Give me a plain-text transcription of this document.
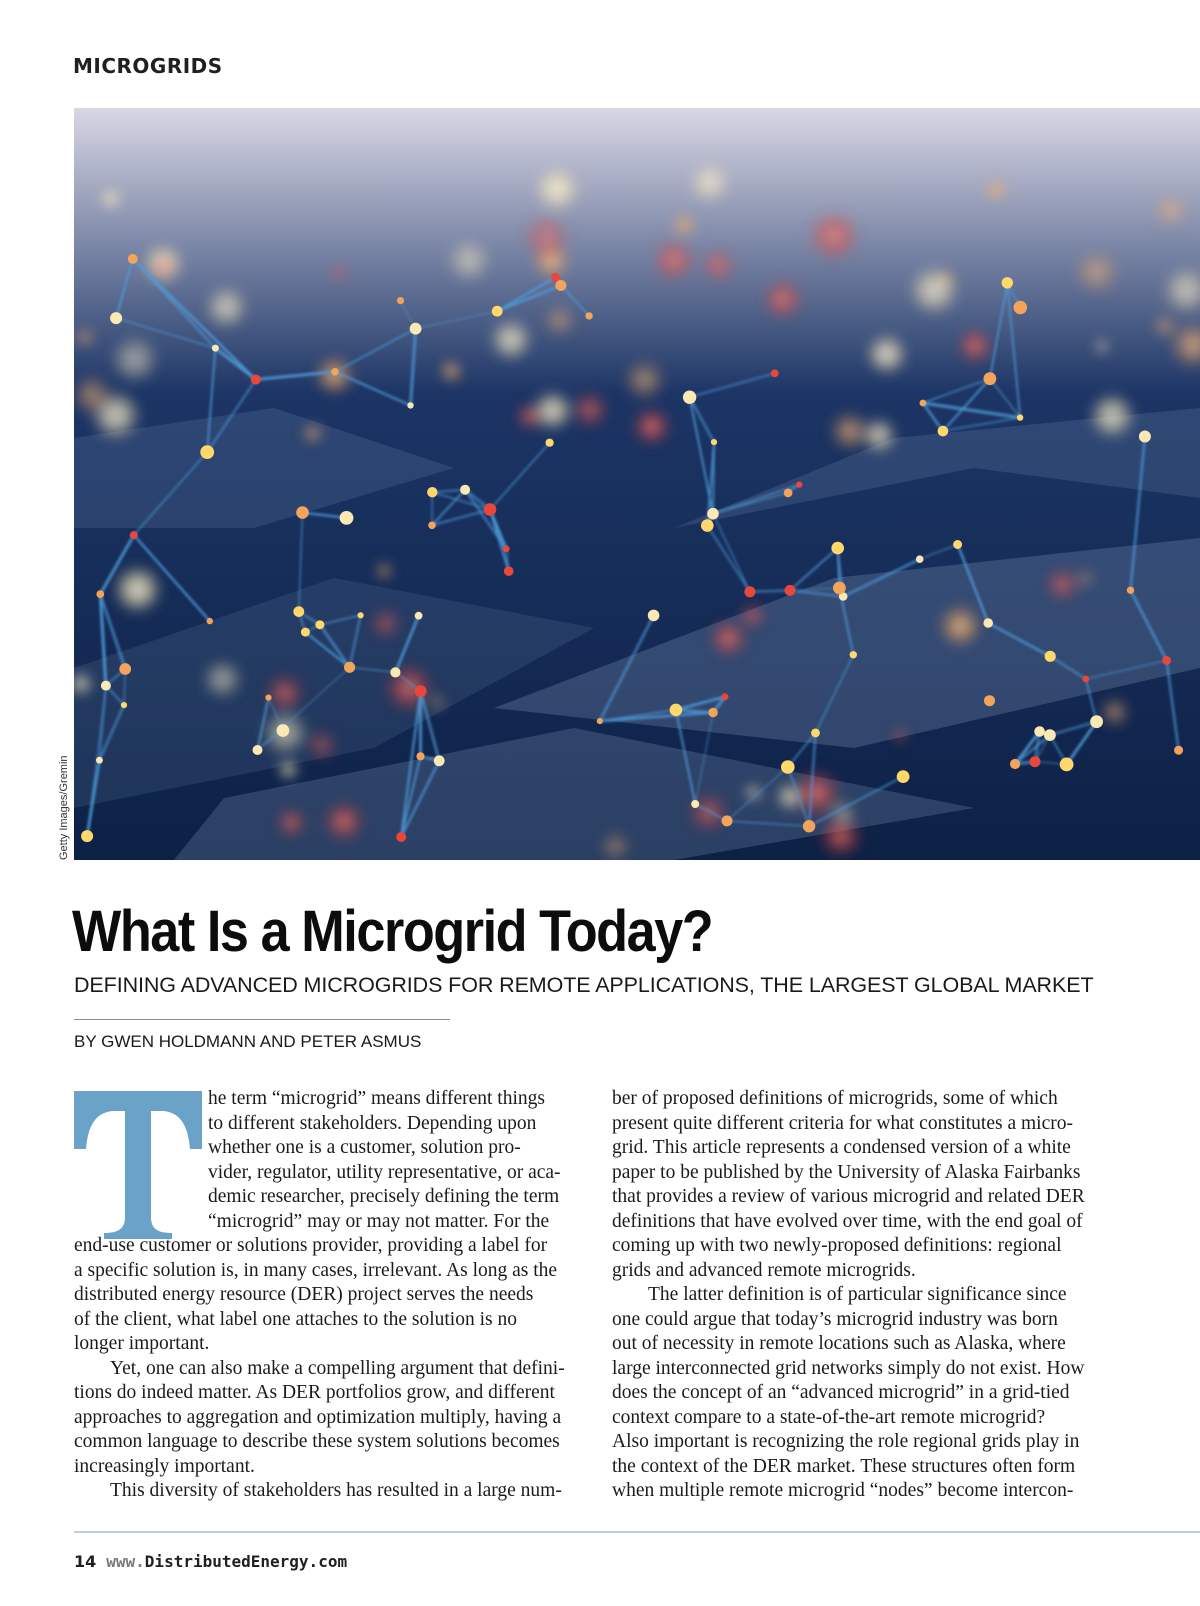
MICROGRIDS
Getty Images/Gremin
What Is a Microgrid Today?

DEFINING ADVANCED MICROGRIDS FOR REMOTE APPLICATIONS, THE LARGEST GLOBAL MARKET

BY GWEN HOLDMANN AND PETER ASMUS

he term “microgrid” means different things

to different stakeholders. Depending upon

whether one is a customer, solution pro-

vider, regulator, utility representative, or aca-

demic researcher, precisely defining the term

“microgrid” may or may not matter. For the

end-use customer or solutions provider, providing a label for

a specific solution is, in many cases, irrelevant. As long as the

distributed energy resource (DER) project serves the needs

of the client, what label one attaches to the solution is no

longer important.

Yet, one can also make a compelling argument that defini-

tions do indeed matter. As DER portfolios grow, and different

approaches to aggregation and optimization multiply, having a

common language to describe these system solutions becomes

increasingly important.

This diversity of stakeholders has resulted in a large num-

ber of proposed definitions of microgrids, some of which

present quite different criteria for what constitutes a micro-

grid. This article represents a condensed version of a white

paper to be published by the University of Alaska Fairbanks

that provides a review of various microgrid and related DER

definitions that have evolved over time, with the end goal of

coming up with two newly-proposed definitions: regional

grids and advanced remote microgrids.

The latter definition is of particular significance since

one could argue that today’s microgrid industry was born

out of necessity in remote locations such as Alaska, where

large interconnected grid networks simply do not exist. How

does the concept of an “advanced microgrid” in a grid-tied

context compare to a state-of-the-art remote microgrid?

Also important is recognizing the role regional grids play in

the context of the DER market. These structures often form

when multiple remote microgrid “nodes” become intercon-

14 www.DistributedEnergy.com
